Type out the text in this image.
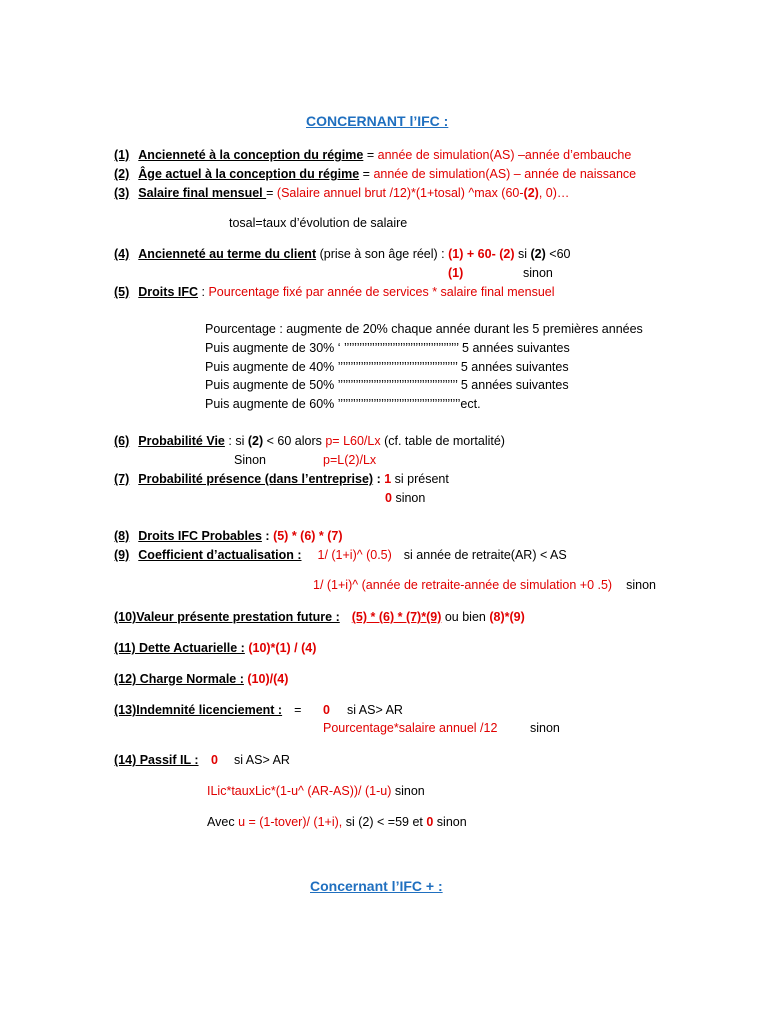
CONCERNANT l’IFC :
(1) Ancienneté à la conception du régime = année de simulation(AS) –année d’embauche
(2) Âge actuel à la conception du régime = année de simulation(AS) – année de naissance
(3) Salaire final mensuel = (Salaire annuel brut /12)*(1+tosal) ^max (60-(2), 0)…
tosal=taux d’évolution de salaire
(4) Ancienneté au terme du client (prise à son âge réel) : (1) + 60- (2) si (2) <60
(1)	sinon
(5) Droits IFC : Pourcentage fixé par année de services * salaire final mensuel
Pourcentage : augmente de 20% chaque année durant les 5 premières années
Puis augmente de 30% ‘ ’’’’’’’’’’’’’’’’’’’’’’’’’’’’’’’’’’’’’’’’’’’’’ 5 années suivantes
Puis augmente de 40% ’’’’’’’’’’’’’’’’’’’’’’’’’’’’’’’’’’’’’’’’’’’’’’’ 5 années suivantes
Puis augmente de 50% ’’’’’’’’’’’’’’’’’’’’’’’’’’’’’’’’’’’’’’’’’’’’’’’ 5 années suivantes
Puis augmente de 60% ’’’’’’’’’’’’’’’’’’’’’’’’’’’’’’’’’’’’’’’’’’’’’’’’ect.
(6) Probabilité Vie : si (2) < 60 alors p= L60/Lx (cf. table de mortalité)
Sinon	p=L(2)/Lx
(7) Probabilité présence (dans l’entreprise) : 1 si présent
0 sinon
(8) Droits IFC Probables : (5) * (6) * (7)
(9) Coefficient d’actualisation : 1/ (1+i)^ (0.5) si année de retraite(AR) < AS
1/ (1+i)^ (année de retraite-année de simulation +0 .5) sinon
(10)Valeur présente prestation future : (5) * (6) * (7)*(9) ou bien (8)*(9)
(11) Dette Actuarielle : (10)*(1) / (4)
(12) Charge Normale : (10)/(4)
(13)Indemnité licenciement : = 0 si AS> AR
Pourcentage*salaire annuel /12	sinon
(14) Passif IL : 0 si AS> AR
ILic*tauxLic*(1-u^ (AR-AS))/ (1-u) sinon
Avec u = (1-tover)/ (1+i), si (2) < =59 et 0 sinon
Concernant l’IFC + :
